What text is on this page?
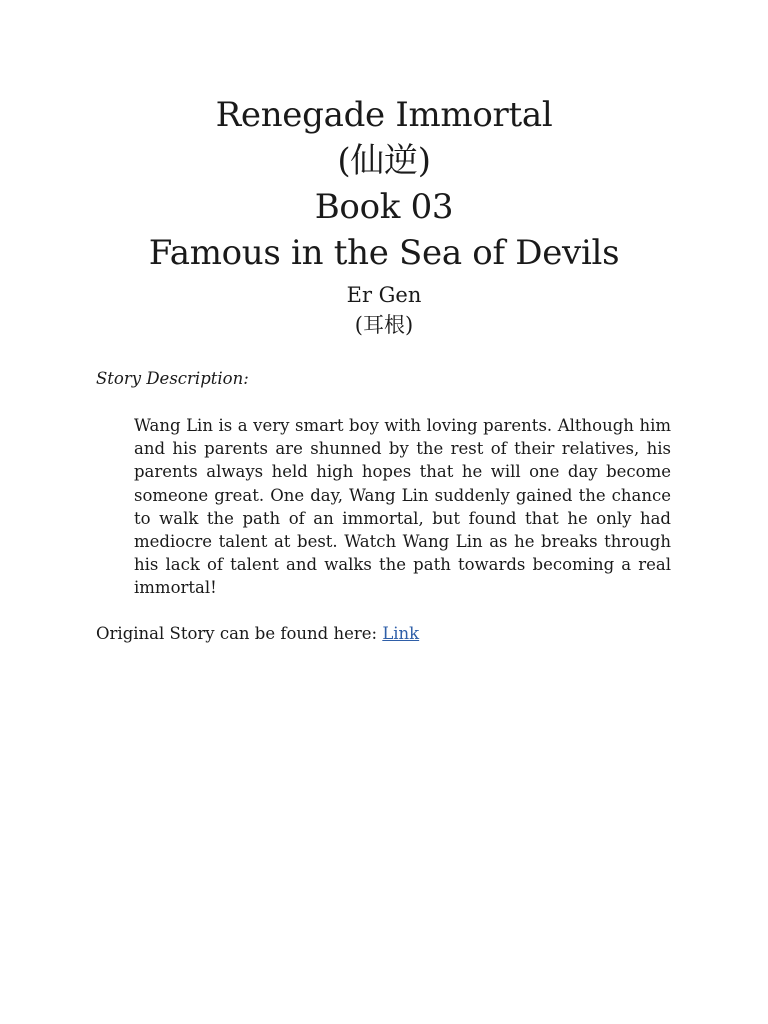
Renegade Immortal
(仙逆)
Book 03
Famous in the Sea of Devils
Er Gen
(耳根)
Story Description:

Wang Lin is a very smart boy with loving parents. Although him and his parents are shunned by the rest of their relatives, his parents always held high hopes that he will one day become someone great. One day, Wang Lin suddenly gained the chance to walk the path of an immortal, but found that he only had mediocre talent at best. Watch Wang Lin as he breaks through his lack of talent and walks the path towards becoming a real immortal!

Original Story can be found here: Link
